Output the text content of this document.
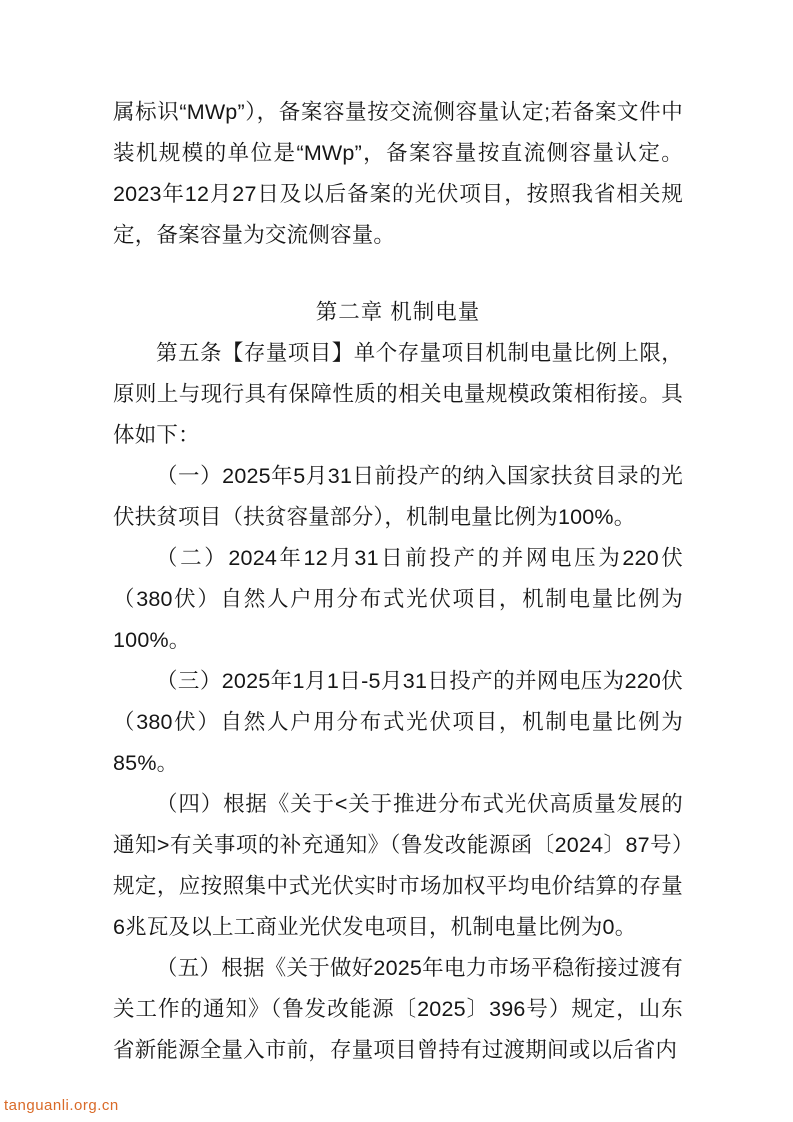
属标识“MWp”），备案容量按交流侧容量认定;若备案文件中装机规模的单位是“MWp”，备案容量按直流侧容量认定。2023年12月27日及以后备案的光伏项目，按照我省相关规定，备案容量为交流侧容量。

第二章 机制电量

第五条【存量项目】单个存量项目机制电量比例上限，原则上与现行具有保障性质的相关电量规模政策相衔接。具体如下：

（一）2025年5月31日前投产的纳入国家扶贫目录的光伏扶贫项目（扶贫容量部分），机制电量比例为100%。

（二）2024年12月31日前投产的并网电压为220伏（380伏）自然人户用分布式光伏项目，机制电量比例为100%。

（三）2025年1月1日-5月31日投产的并网电压为220伏（380伏）自然人户用分布式光伏项目，机制电量比例为85%。

（四）根据《关于<关于推进分布式光伏高质量发展的通知>有关事项的补充通知》（鲁发改能源函〔2024〕87号）规定，应按照集中式光伏实时市场加权平均电价结算的存量6兆瓦及以上工商业光伏发电项目，机制电量比例为0。

（五）根据《关于做好2025年电力市场平稳衔接过渡有关工作的通知》（鲁发改能源〔2025〕396号）规定，山东省新能源全量入市前，存量项目曾持有过渡期间或以后省内

tanguanli.org.cn
